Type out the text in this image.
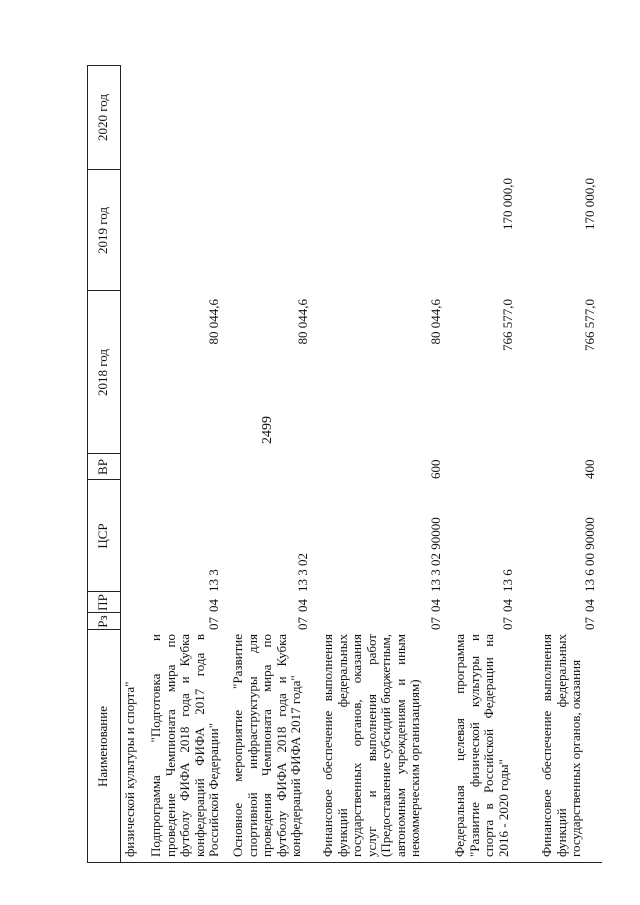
2499
Наименование
Рз
ПР
ЦСР
ВР
2018 год
2019 год
2020 год
физической культуры и спорта" Подпрограмма "Подготовка и проведение Чемпионата мира по футболу ФИФА 2018 года и Кубка конфедераций ФИФА 2017 года в Российской Федерации"
07
04
13 3
80 044,6
Основное мероприятие "Развитие спортивной инфраструктуры для проведения Чемпионата мира по футболу ФИФА 2018 года и Кубка конфедераций ФИФА 2017 года"
07
04
13 3 02
80 044,6
Финансовое обеспечение выполнения функций федеральных государственных органов, оказания услуг и выполнения работ (Предоставление субсидий бюджетным, автономным учреждениям и иным некоммерческим организациям)
07
04
13 3 02 90000
600
80 044,6
Федеральная целевая программа "Развитие физической культуры и спорта в Российской Федерации на 2016 - 2020 годы"
07
04
13 6
766 577,0
170 000,0
Финансовое обеспечение выполнения функций федеральных государственных органов, оказания
07
04
13 6 00 90000
400
766 577,0
170 000,0
